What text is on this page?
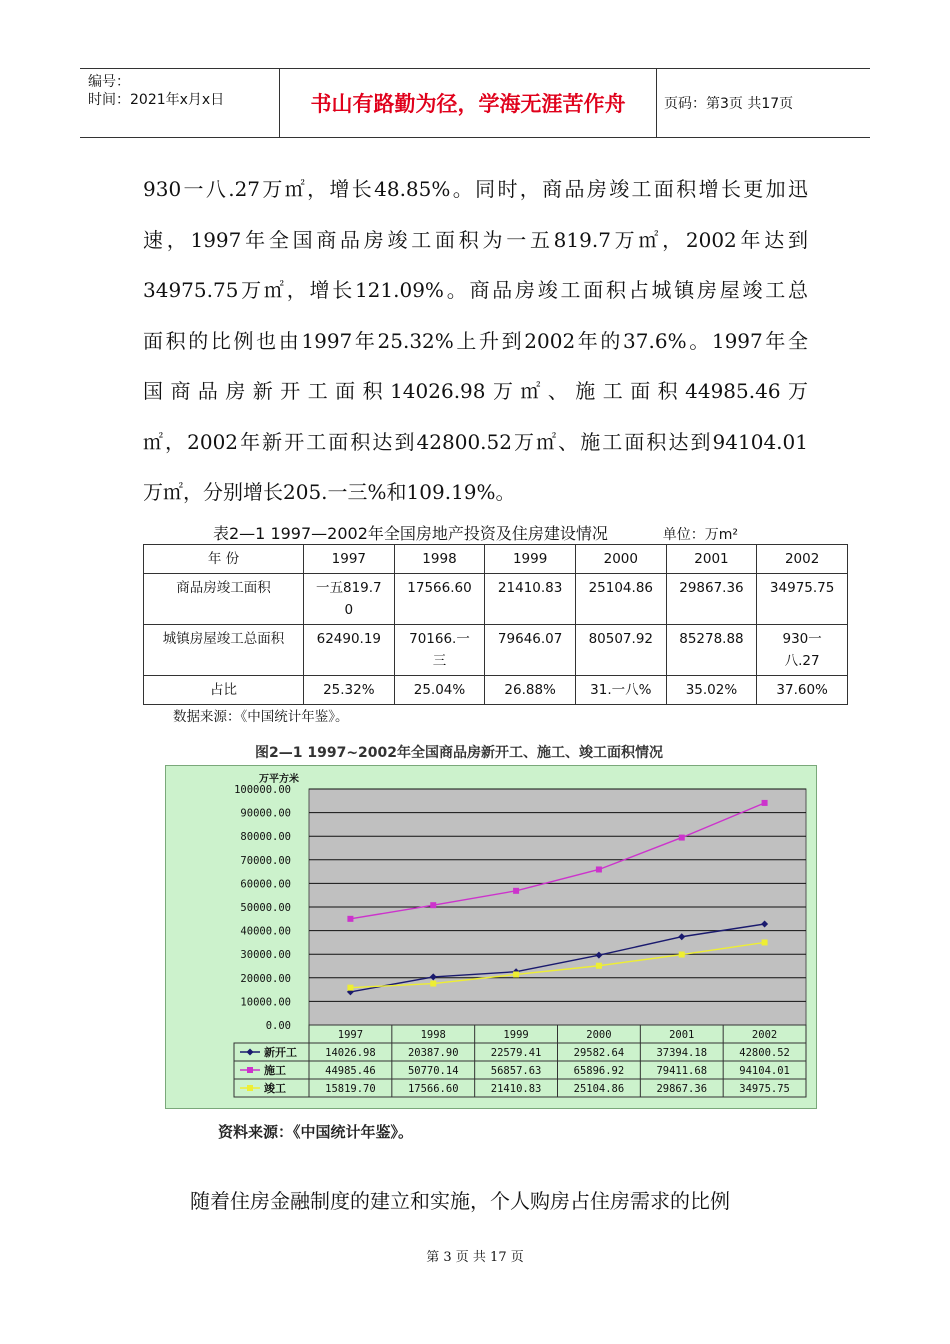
编号：
时间：2021年x月x日	书山有路勤为径，学海无涯苦作舟	页码：第3页 共17页
930一八.27万㎡，增长48.85%。同时，商品房竣工面积增长更加迅
速，1997年全国商品房竣工面积为一五819.7万㎡，2002年达到
34975.75万㎡，增长121.09%。商品房竣工面积占城镇房屋竣工总
面积的比例也由1997年25.32%上升到2002年的37.6%。1997年全
国商品房新开工面积14026.98万㎡、施工面积44985.46万
㎡，2002年新开工面积达到42800.52万㎡、施工面积达到94104.01
万㎡，分别增长205.一三%和109.19%。
表2—1 1997—2002年全国房地产投资及住房建设情况	单位：万m²
年 份	1997	1998	1999	2000	2001	2002
商品房竣工面积	一五819.70	17566.60	21410.83	25104.86	29867.36	34975.75
城镇房屋竣工总面积	62490.19	70166.一三	79646.07	80507.92	85278.88	930一八.27
占比	25.32%	25.04%	26.88%	31.一八%	35.02%	37.60%
数据来源：《中国统计年鉴》。
图2—1 1997~2002年全国商品房新开工、施工、竣工面积情况
0.00
10000.00
20000.00
30000.00
40000.00
50000.00
60000.00
70000.00
80000.00
90000.00
100000.00
万平方米
1997	1998	1999	2000	2001	2002
新开工	14026.98	20387.90	22579.41	29582.64	37394.18	42800.52
施工	44985.46	50770.14	56857.63	65896.92	79411.68	94104.01
竣工	15819.70	17566.60	21410.83	25104.86	29867.36	34975.75
资料来源：《中国统计年鉴》。
随着住房金融制度的建立和实施，个人购房占住房需求的比例
第 3 页 共 17 页
